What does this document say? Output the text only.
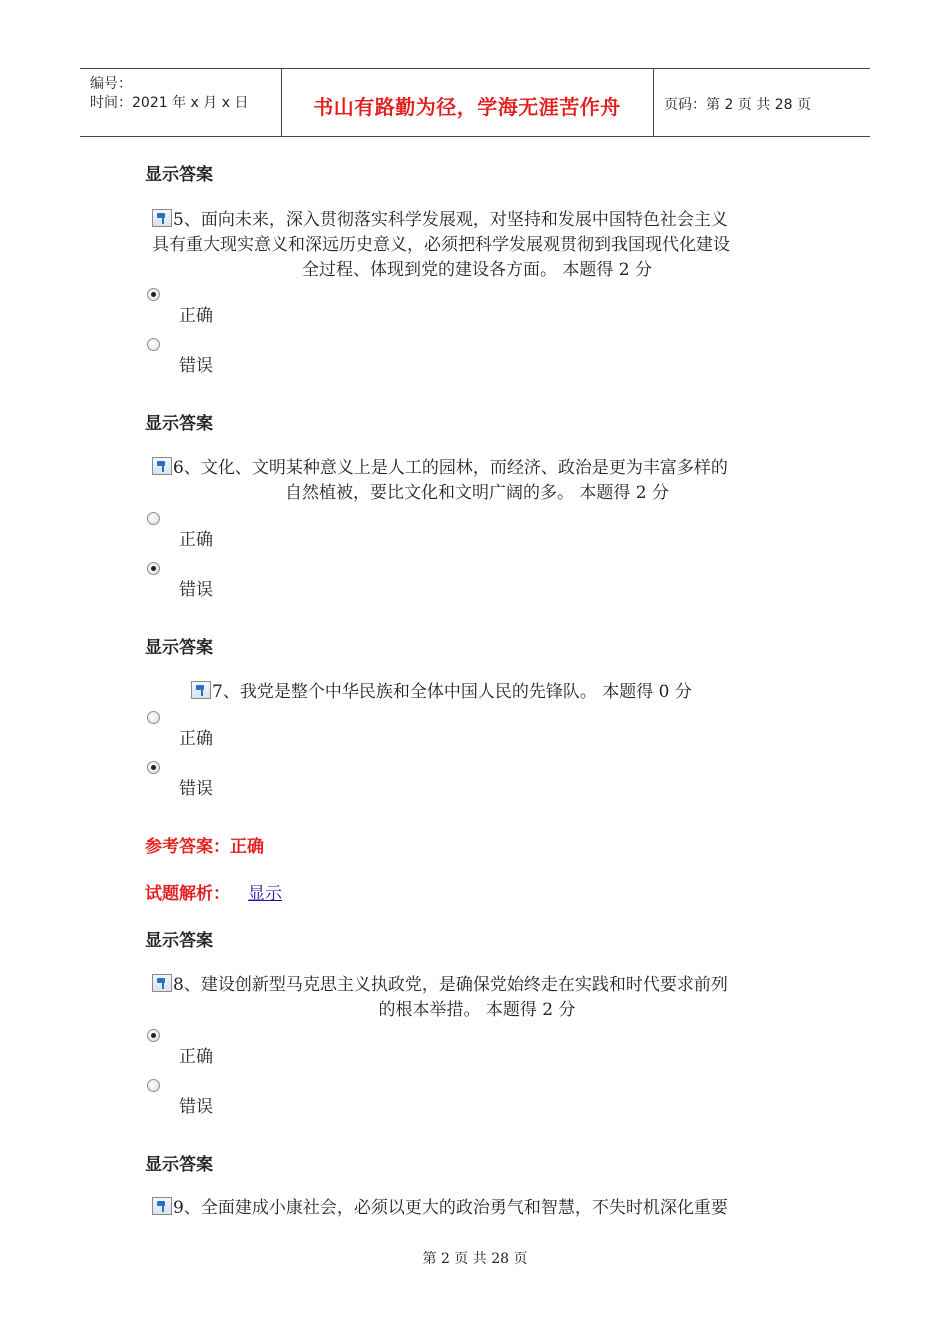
编号：
时间：2021 年 x 月 x 日	书山有路勤为径，学海无涯苦作舟	页码：第 2 页 共 28 页
显示答案
5、面向未来，深入贯彻落实科学发展观，对坚持和发展中国特色社会主义
具有重大现实意义和深远历史意义，必须把科学发展观贯彻到我国现代化建设
全过程、体现到党的建设各方面。 本题得 2 分
正确
错误
显示答案
6、文化、文明某种意义上是人工的园林，而经济、政治是更为丰富多样的
自然植被，要比文化和文明广阔的多。 本题得 2 分
正确
错误
显示答案
7、我党是整个中华民族和全体中国人民的先锋队。 本题得 0 分
正确
错误
参考答案：正确
试题解析： 显示
显示答案
8、建设创新型马克思主义执政党，是确保党始终走在实践和时代要求前列
的根本举措。 本题得 2 分
正确
错误
显示答案
9、全面建成小康社会，必须以更大的政治勇气和智慧，不失时机深化重要
第 2 页 共 28 页
